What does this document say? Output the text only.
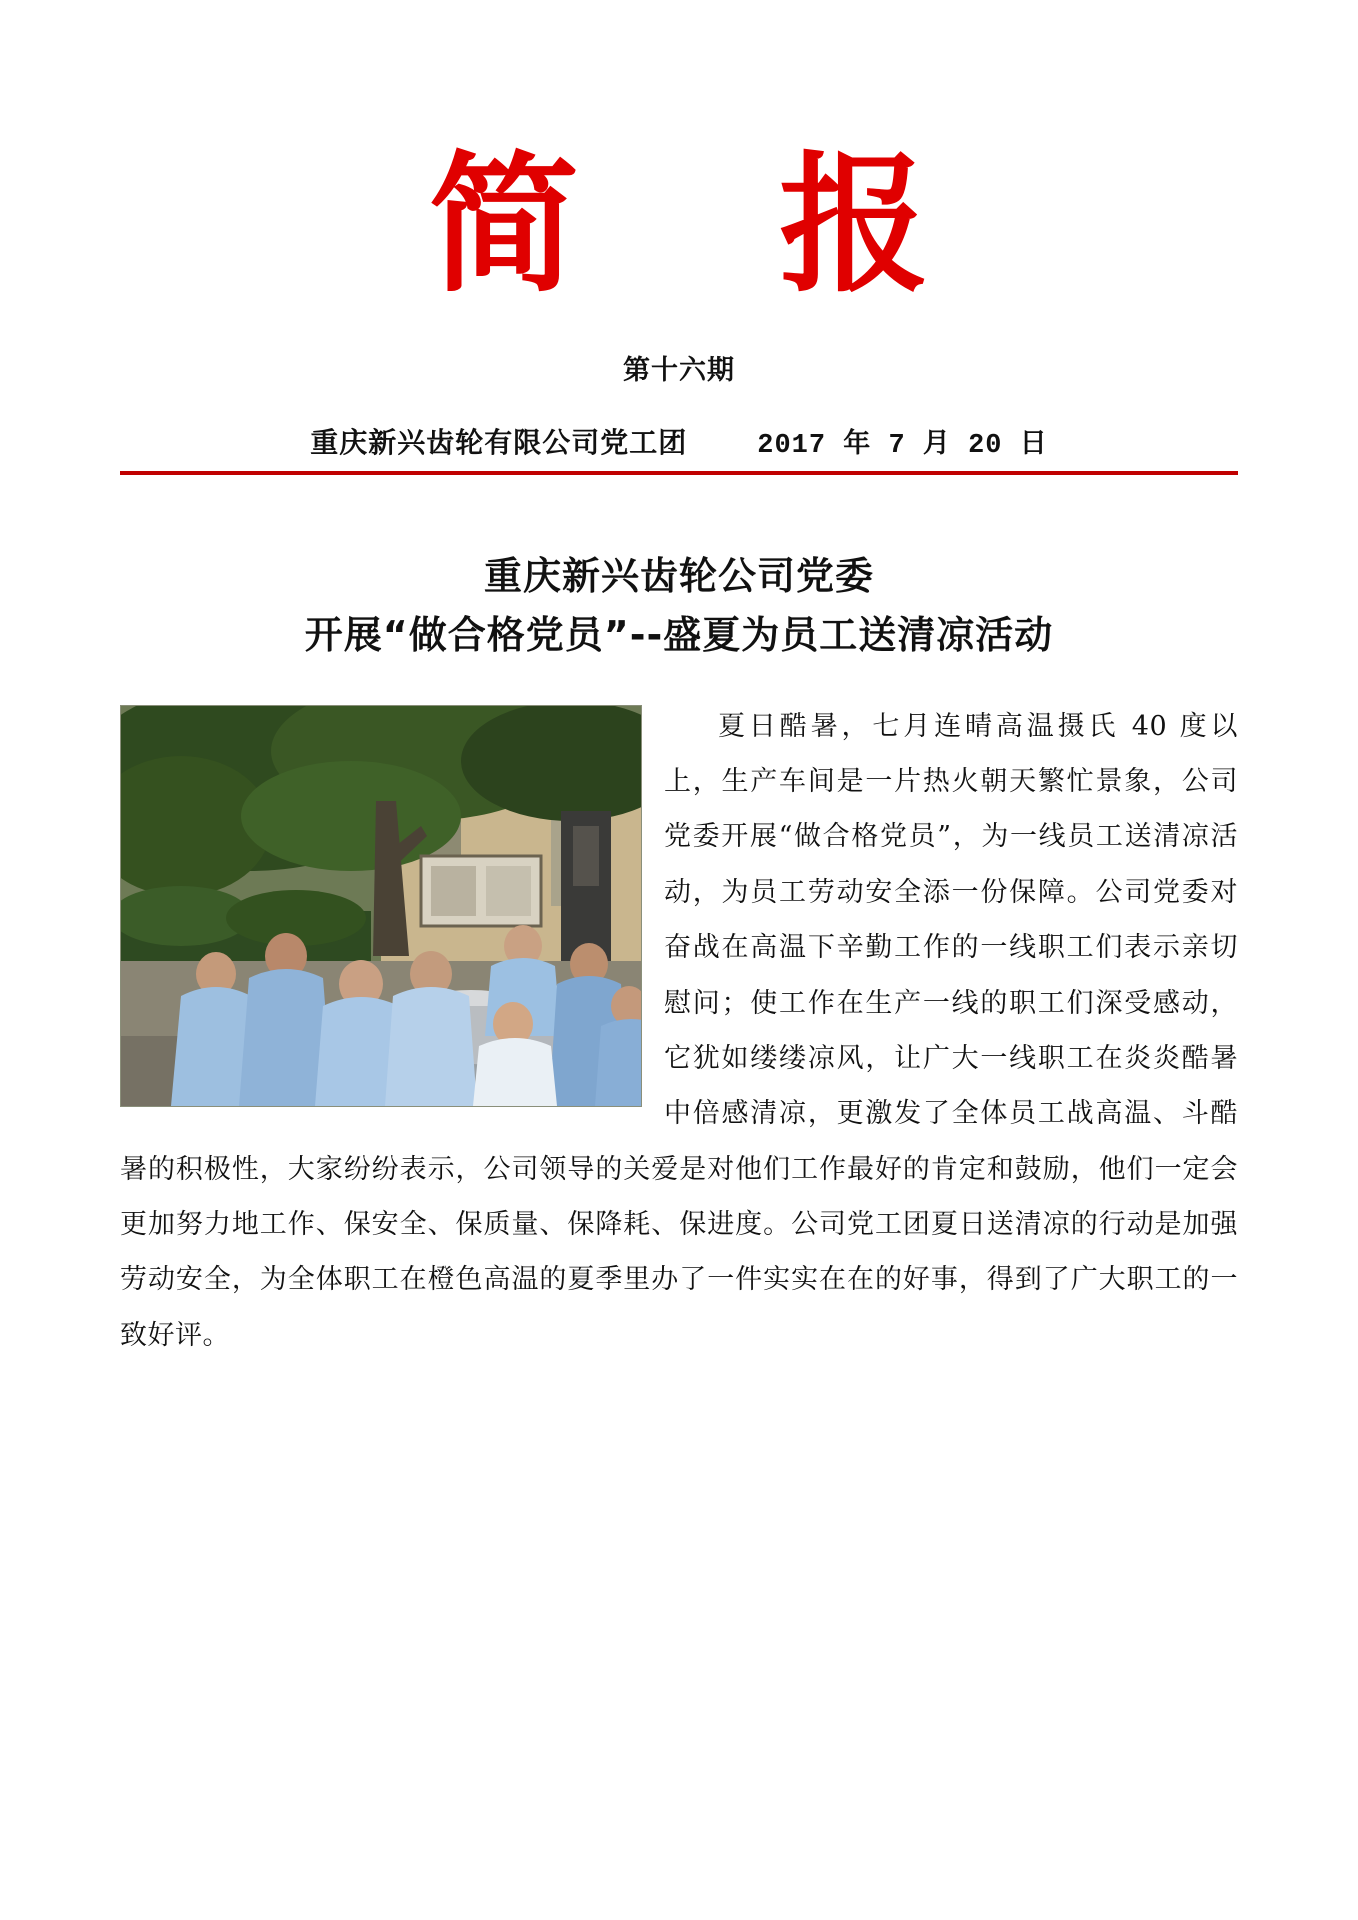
简 报
第十六期
重庆新兴齿轮有限公司党工团	2017 年 7 月 20 日
重庆新兴齿轮公司党委
开展“做合格党员”--盛夏为员工送清凉活动

夏日酷暑，七月连晴高温摄氏 40 度以上，生产车间是一片热火朝天繁忙景象，公司党委开展“做合格党员”，为一线员工送清凉活动，为员工劳动安全添一份保障。公司党委对奋战在高温下辛勤工作的一线职工们表示亲切慰问；使工作在生产一线的职工们深受感动，它犹如缕缕凉风，让广大一线职工在炎炎酷暑中倍感清凉，更激发了全体员工战高温、斗酷暑的积极性，大家纷纷表示，公司领导的关爱是对他们工作最好的肯定和鼓励，他们一定会更加努力地工作、保安全、保质量、保降耗、保进度。公司党工团夏日送清凉的行动是加强劳动安全，为全体职工在橙色高温的夏季里办了一件实实在在的好事，得到了广大职工的一致好评。
